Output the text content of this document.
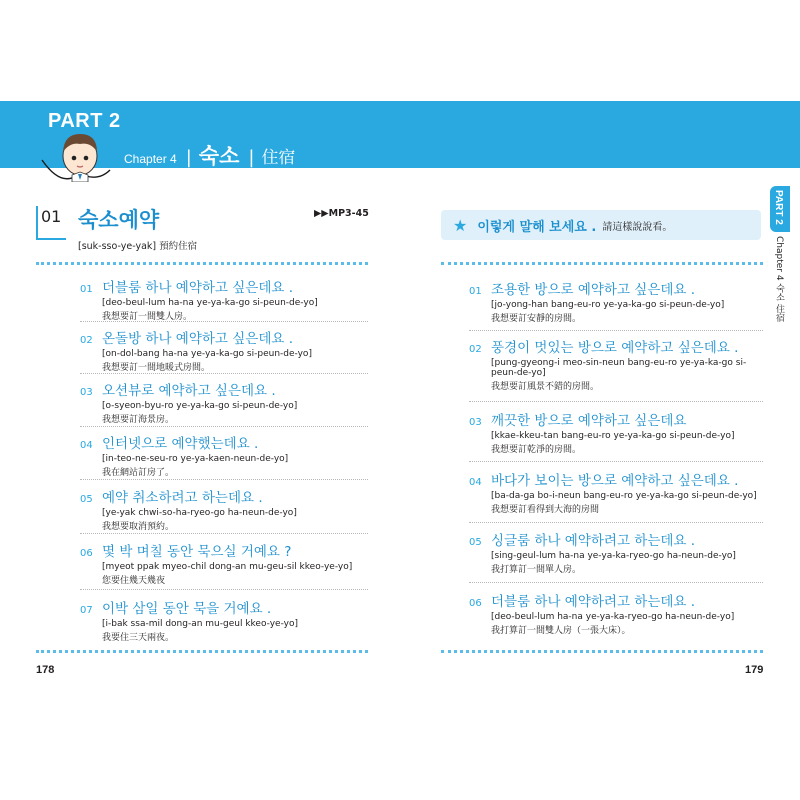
PART 2
Chapter 4 | 숙소 | 住宿
01 숙소예약
[suk-sso-ye-yak] 預約住宿
▶▶MP3-45
01 더블룸 하나 예약하고 싶은데요 .
[deo-beul-lum ha-na ye-ya-ka-go si-peun-de-yo]
我想要訂一間雙人房。
02 온돌방 하나 예약하고 싶은데요 .
[on-dol-bang ha-na ye-ya-ka-go si-peun-de-yo]
我想要訂一間地暖式房間。
03 오션뷰로 예약하고 싶은데요 .
[o-syeon-byu-ro ye-ya-ka-go si-peun-de-yo]
我想要訂海景房。
04 인터넷으로 예약했는데요 .
[in-teo-ne-seu-ro ye-ya-kaen-neun-de-yo]
我在網站訂房了。
05 예약 취소하려고 하는데요 .
[ye-yak chwi-so-ha-ryeo-go ha-neun-de-yo]
我想要取消預約。
06 몇 박 며칠 동안 묵으실 거예요 ?
[myeot ppak myeo-chil dong-an mu-geu-sil kkeo-ye-yo]
您要住幾天幾夜
07 이박 삼일 동안 묵을 거예요 .
[i-bak ssa-mil dong-an mu-geul kkeo-ye-yo]
我要住三天兩夜。
178
★ 이렇게 말해 보세요 . 請這樣說說看。
01 조용한 방으로 예약하고 싶은데요 .
[jo-yong-han bang-eu-ro ye-ya-ka-go si-peun-de-yo]
我想要訂安靜的房間。
02 풍경이 멋있는 방으로 예약하고 싶은데요 .
[pung-gyeong-i meo-sin-neun bang-eu-ro ye-ya-ka-go si-
peun-de-yo]
我想要訂風景不錯的房間。
03 깨끗한 방으로 예약하고 싶은데요
[kkae-kkeu-tan bang-eu-ro ye-ya-ka-go si-peun-de-yo]
我想要訂乾淨的房間。
04 바다가 보이는 방으로 예약하고 싶은데요 .
[ba-da-ga bo-i-neun bang-eu-ro ye-ya-ka-go si-peun-de-yo]
我想要訂看得到大海的房間
05 싱글룸 하나 예약하려고 하는데요 .
[sing-geul-lum ha-na ye-ya-ka-ryeo-go ha-neun-de-yo]
我打算訂一間單人房。
06 더블룸 하나 예약하려고 하는데요 .
[deo-beul-lum ha-na ye-ya-ka-ryeo-go ha-neun-de-yo]
我打算訂一間雙人房（一張大床）。
PART 2
Chapter 4 숙소 住宿
179
